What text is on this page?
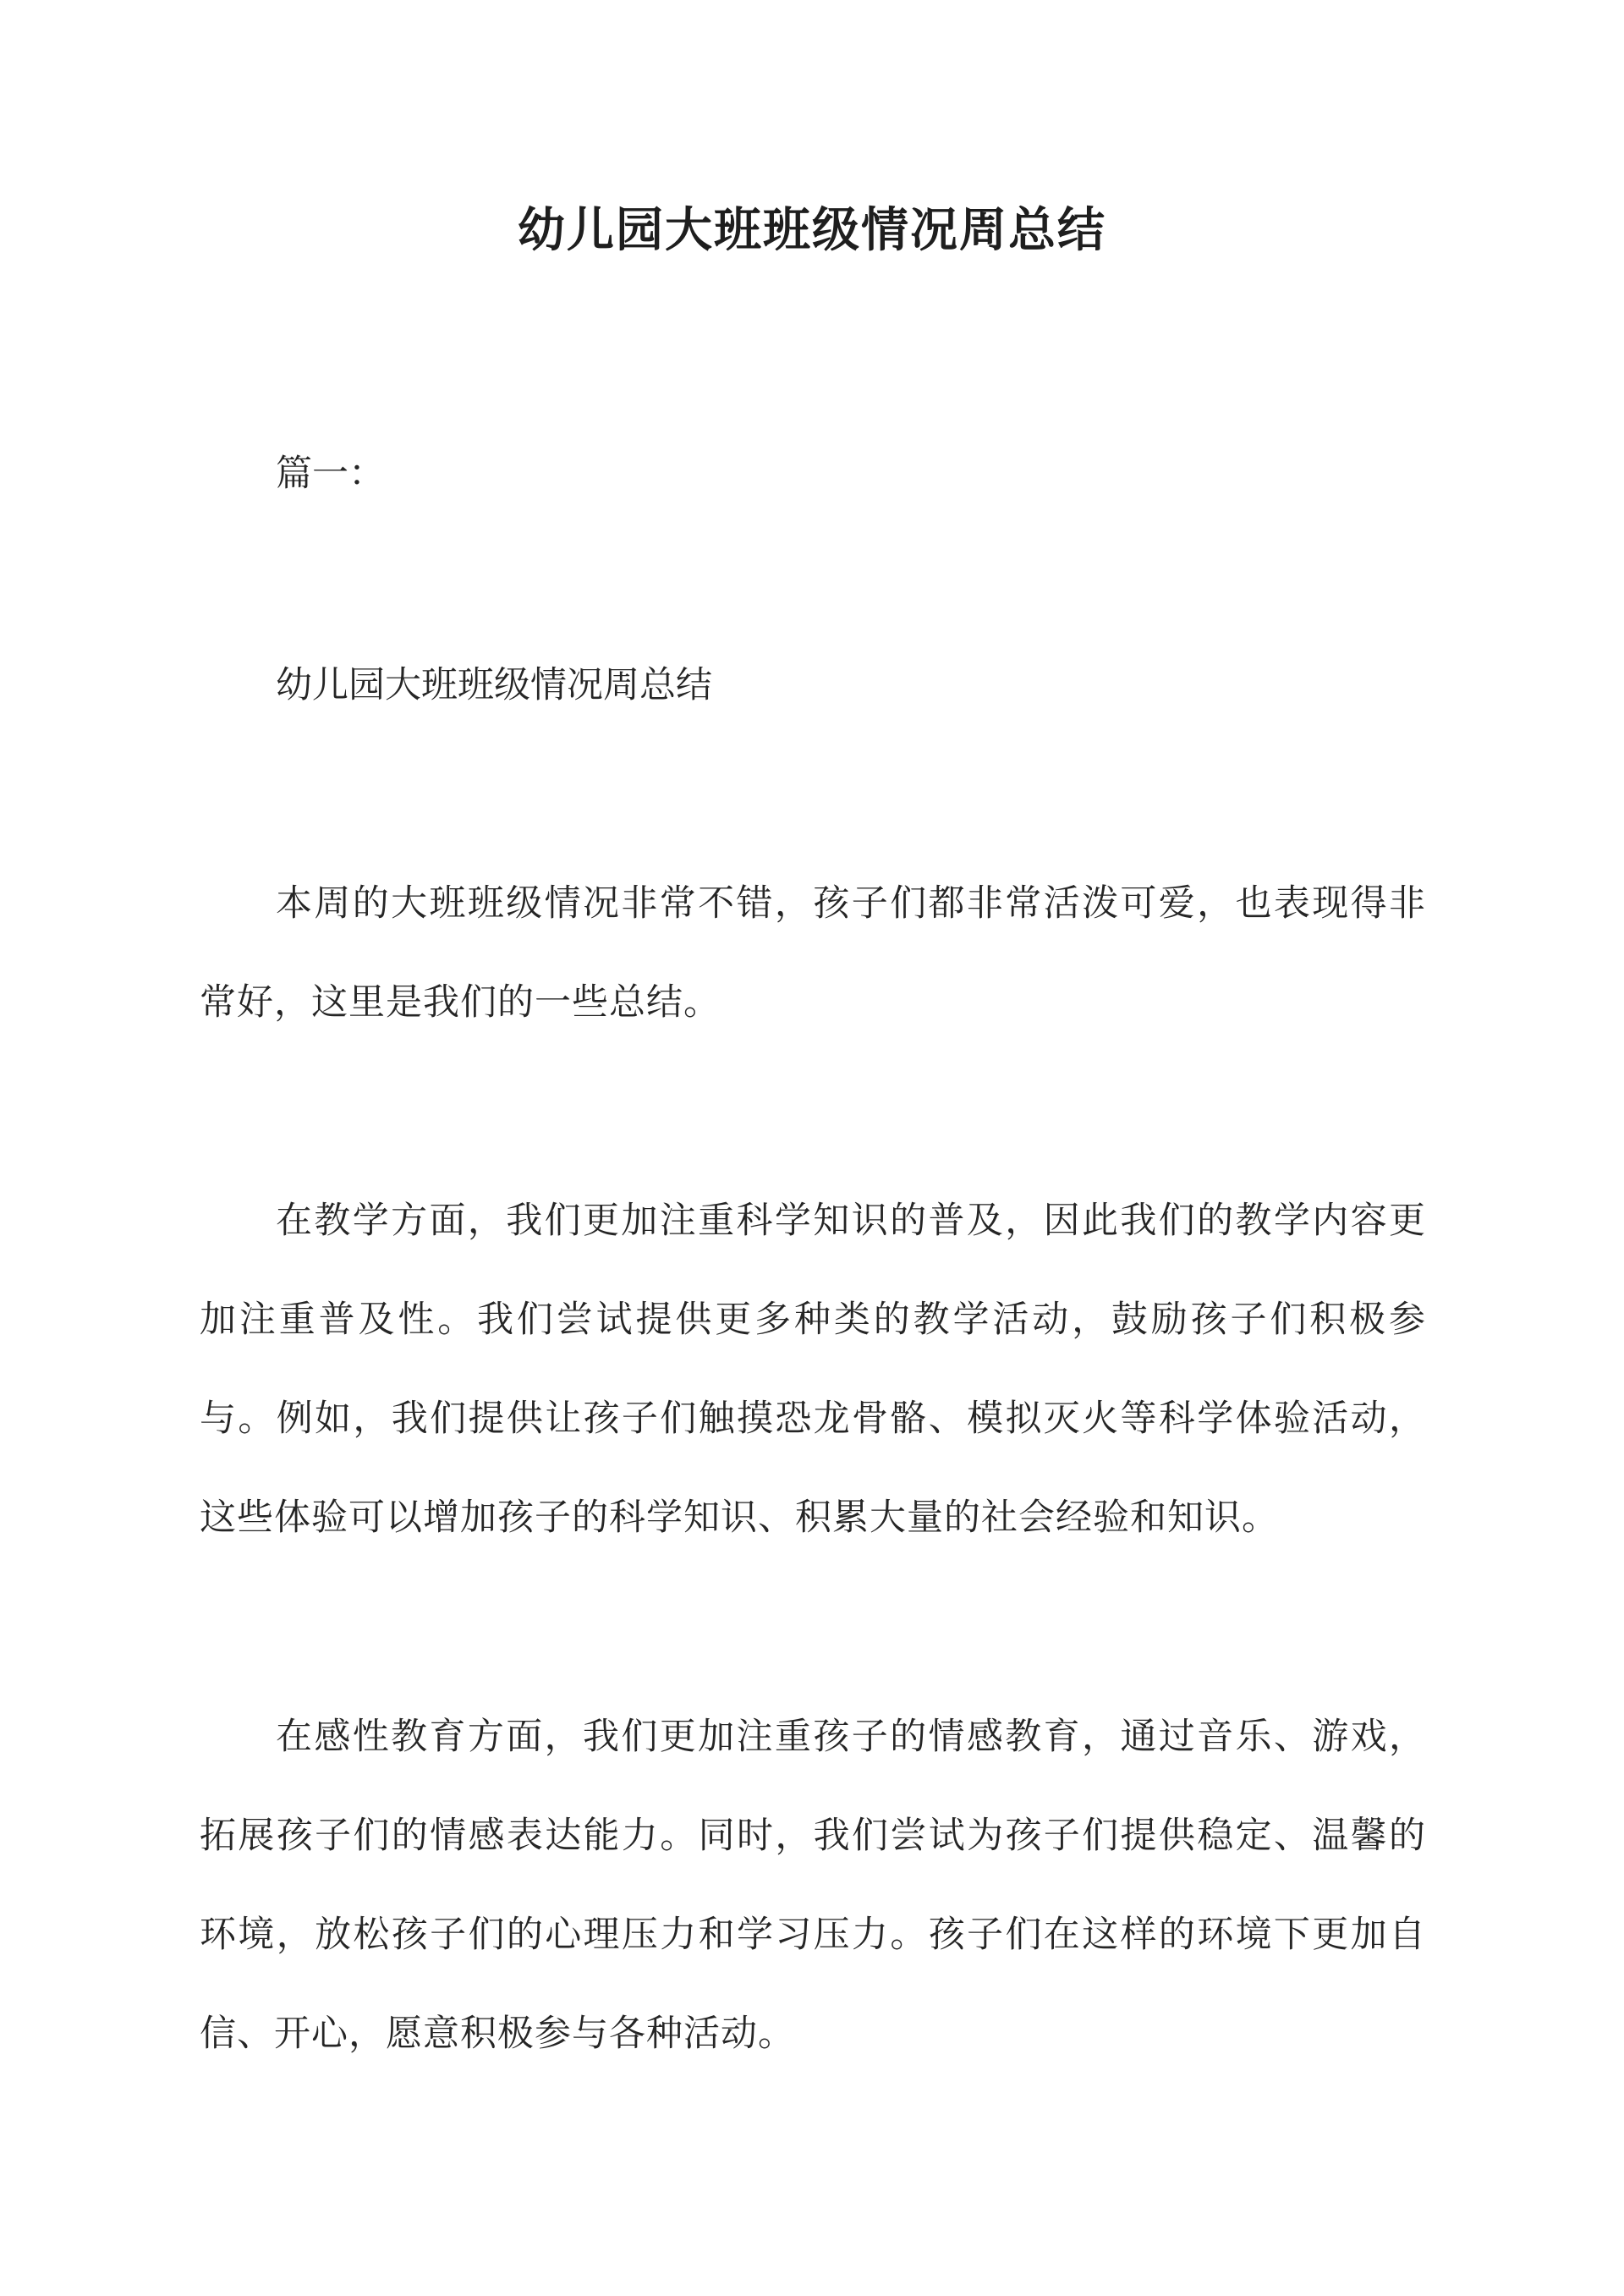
幼儿园大班班级情况周总结

篇一：

幼儿园大班班级情况周总结

本周的大班班级情况非常不错，孩子们都非常活泼可爱，也表现得非常好，这里是我们的一些总结。

在教学方面，我们更加注重科学知识的普及，因此我们的教学内容更加注重普及性。我们尝试提供更多种类的教学活动，鼓励孩子们积极参与。例如，我们提供让孩子们触摸恐龙骨骼、模拟灭火等科学体验活动，这些体验可以增加孩子的科学知识、积累大量的社会经验和知识。

在感性教育方面，我们更加注重孩子的情感教育，通过音乐、游戏，拓展孩子们的情感表达能力。同时，我们尝试为孩子们提供稳定、温馨的环境，放松孩子们的心理压力和学习压力。孩子们在这样的环境下更加自信、开心，愿意积极参与各种活动。
